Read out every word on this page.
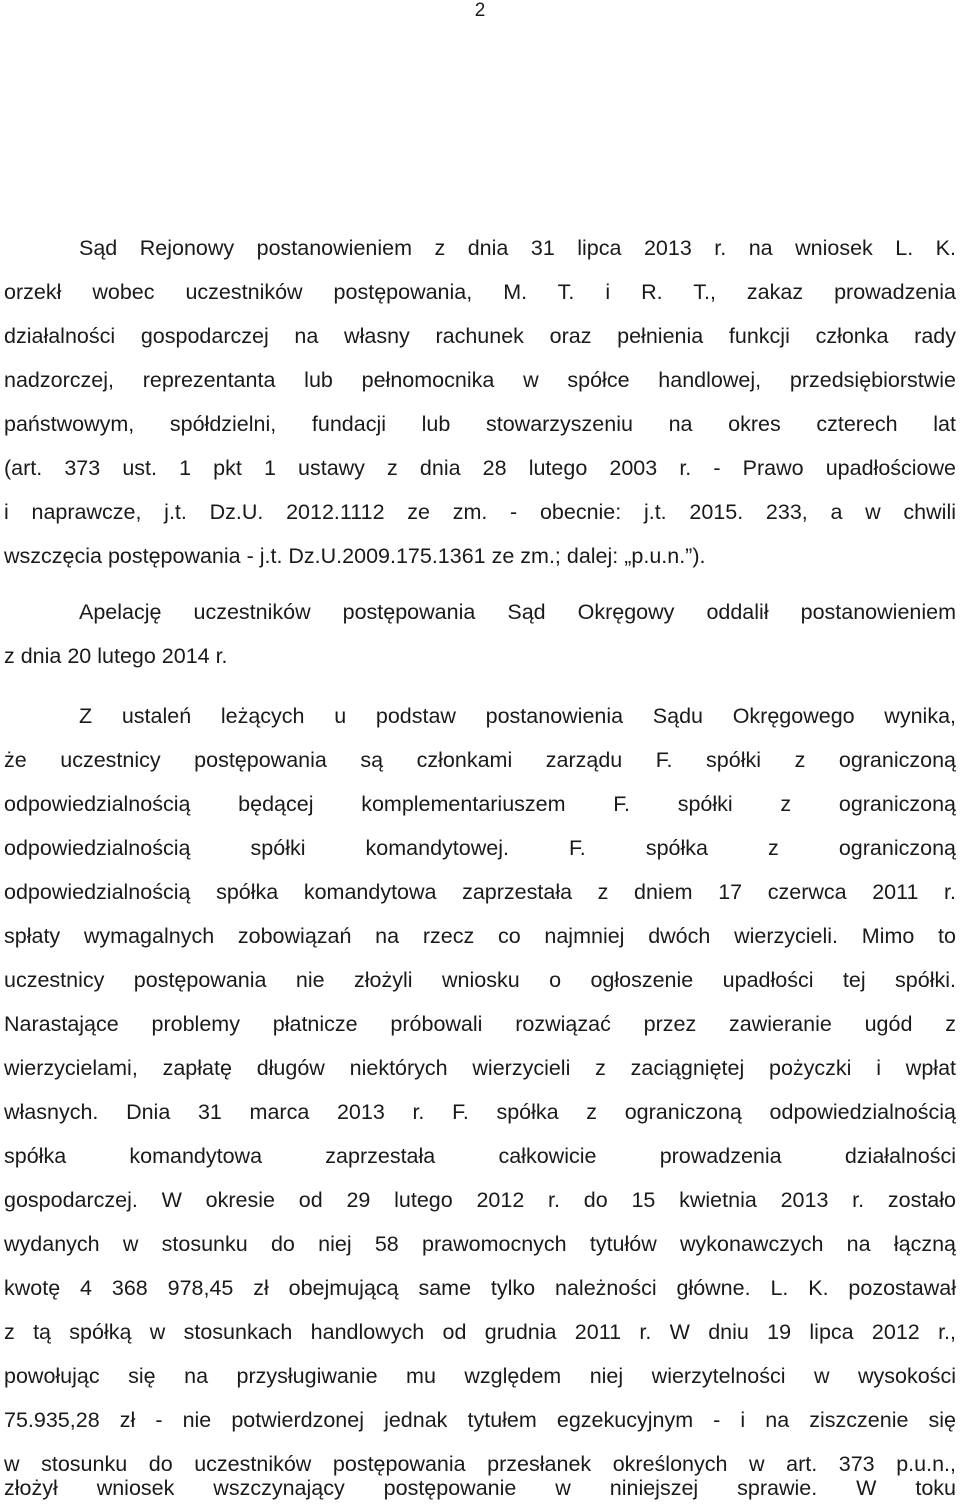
2
Sąd Rejonowy postanowieniem z dnia 31 lipca 2013 r. na wniosek L. K.
orzekł wobec uczestników postępowania, M. T. i R. T., zakaz prowadzenia
działalności gospodarczej na własny rachunek oraz pełnienia funkcji członka rady
nadzorczej, reprezentanta lub pełnomocnika w spółce handlowej, przedsiębiorstwie
państwowym, spółdzielni, fundacji lub stowarzyszeniu na okres czterech lat
(art. 373 ust. 1 pkt 1 ustawy z dnia 28 lutego 2003 r. - Prawo upadłościowe
i naprawcze, j.t. Dz.U. 2012.1112 ze zm. - obecnie: j.t. 2015. 233, a w chwili
wszczęcia postępowania - j.t. Dz.U.2009.175.1361 ze zm.; dalej: „p.u.n.”).
Apelację uczestników postępowania Sąd Okręgowy oddalił postanowieniem
z dnia 20 lutego 2014 r.
Z ustaleń leżących u podstaw postanowienia Sądu Okręgowego wynika,
że uczestnicy postępowania są członkami zarządu F. spółki z ograniczoną
odpowiedzialnością będącej komplementariuszem F. spółki z ograniczoną
odpowiedzialnością spółki komandytowej. F. spółka z ograniczoną
odpowiedzialnością spółka komandytowa zaprzestała z dniem 17 czerwca 2011 r.
spłaty wymagalnych zobowiązań na rzecz co najmniej dwóch wierzycieli. Mimo to
uczestnicy postępowania nie złożyli wniosku o ogłoszenie upadłości tej spółki.
Narastające problemy płatnicze próbowali rozwiązać przez zawieranie ugód z
wierzycielami, zapłatę długów niektórych wierzycieli z zaciągniętej pożyczki i wpłat
własnych. Dnia 31 marca 2013 r. F. spółka z ograniczoną odpowiedzialnością
spółka komandytowa zaprzestała całkowicie prowadzenia działalności
gospodarczej. W okresie od 29 lutego 2012 r. do 15 kwietnia 2013 r. zostało
wydanych w stosunku do niej 58 prawomocnych tytułów wykonawczych na łączną
kwotę 4 368 978,45 zł obejmującą same tylko należności główne. L. K. pozostawał
z tą spółką w stosunkach handlowych od grudnia 2011 r. W dniu 19 lipca 2012 r.,
powołując się na przysługiwanie mu względem niej wierzytelności w wysokości
75.935,28 zł - nie potwierdzonej jednak tytułem egzekucyjnym - i na ziszczenie się
w stosunku do uczestników postępowania przesłanek określonych w art. 373 p.u.n.,
złożył wniosek wszczynający postępowanie w niniejszej sprawie. W toku
